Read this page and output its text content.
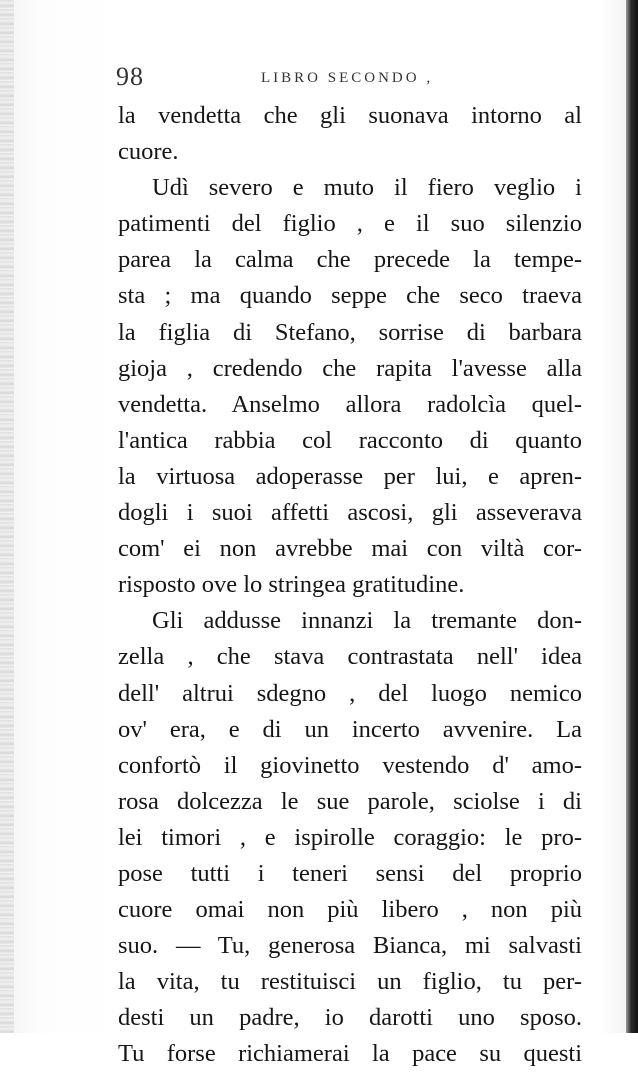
98	LIBRO SECONDO ,
la vendetta che gli suonava intorno al
cuore.
Udì severo e muto il fiero veglio i
patimenti del figlio , e il suo silenzio
parea la calma che precede la tempe-
sta ; ma quando seppe che seco traeva
la figlia di Stefano, sorrise di barbara
gioja , credendo che rapita l'avesse alla
vendetta. Anselmo allora radolcìa quel-
l'antica rabbia col racconto di quanto
la virtuosa adoperasse per lui, e apren-
dogli i suoi affetti ascosi, gli asseverava
com' ei non avrebbe mai con viltà cor-
risposto ove lo stringea gratitudine.
Gli addusse innanzi la tremante don-
zella , che stava contrastata nell' idea
dell' altrui sdegno , del luogo nemico
ov' era, e di un incerto avvenire. La
confortò il giovinetto vestendo d' amo-
rosa dolcezza le sue parole, sciolse i di
lei timori , e ispirolle coraggio: le pro-
pose tutti i teneri sensi del proprio
cuore omai non più libero , non più
suo. — Tu, generosa Bianca, mi salvasti
la vita, tu restituisci un figlio, tu per-
desti un padre, io darotti uno sposo.
Tu forse richiamerai la pace su questi
